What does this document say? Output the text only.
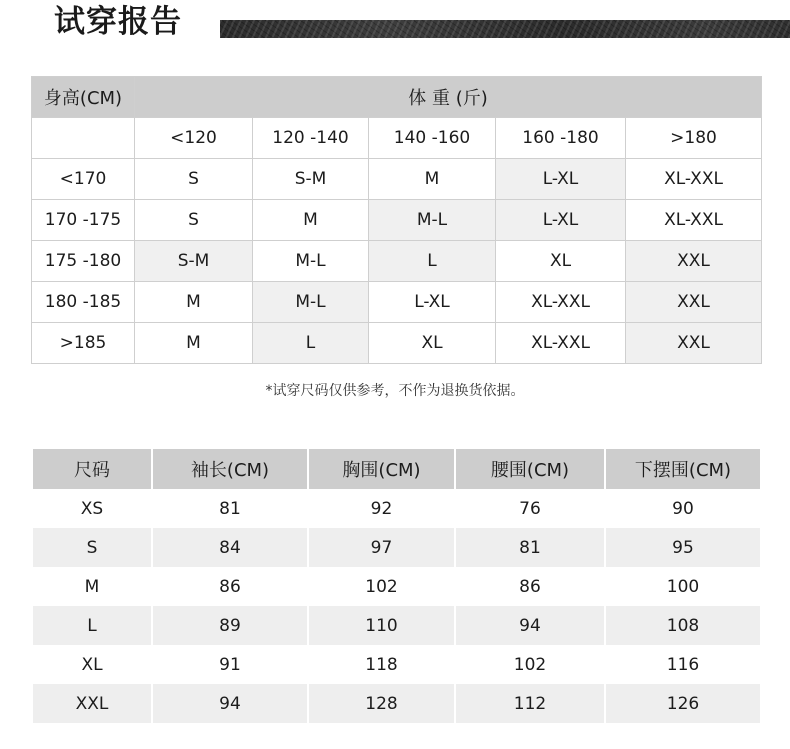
试穿报告
身高(CM)	体 重 (斤)				
	<120	120 -140	140 -160	160 -180	>180
<170	S	S-M	M	L-XL	XL-XXL
170 -175	S	M	M-L	L-XL	XL-XXL
175 -180	S-M	M-L	L	XL	XXL
180 -185	M	M-L	L-XL	XL-XXL	XXL
>185	M	L	XL	XL-XXL	XXL
*试穿尺码仅供参考，不作为退换货依据。
尺码	袖长(CM)	胸围(CM)	腰围(CM)	下摆围(CM)
XS	81	92	76	90
S	84	97	81	95
M	86	102	86	100
L	89	110	94	108
XL	91	118	102	116
XXL	94	128	112	126
